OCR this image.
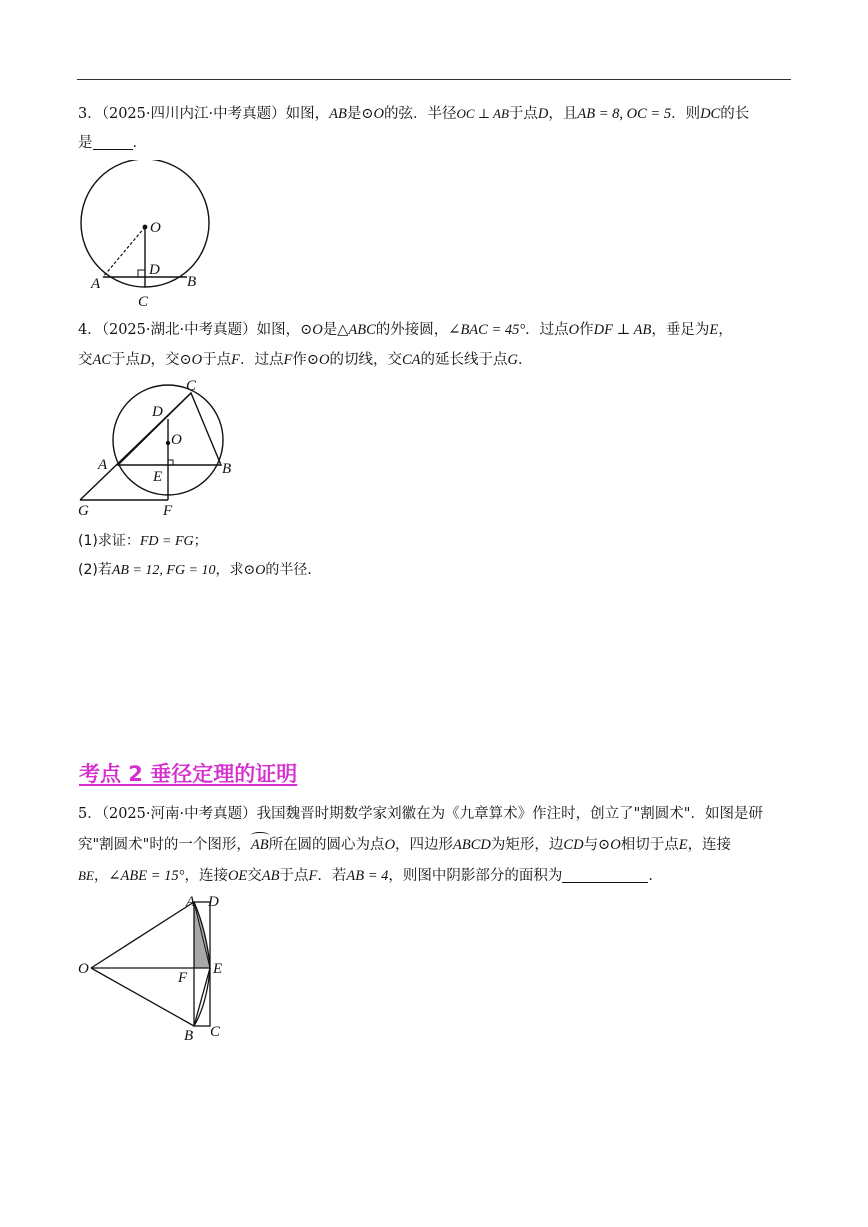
3．（2025·四川内江·中考真题）如图，AB是⊙O的弦．半径OC ⊥ AB于点D，且AB = 8, OC = 5．则DC的长
是	．
O
D
A	B
C
4．（2025·湖北·中考真题）如图，⊙O是△ABC的外接圆，∠BAC = 45°．过点O作DF ⊥ AB，垂足为E，
交AC于点D，交⊙O于点F．过点F作⊙O的切线，交CA的延长线于点G．
C
D
O
A
E	B
G	F
(1)求证：FD = FG；
(2)若AB = 12, FG = 10，求⊙O的半径．
考点 2 垂径定理的证明
5．（2025·河南·中考真题）我国魏晋时期数学家刘徽在为《九章算术》作注时，创立了"割圆术"．如图是研
究"割圆术"时的一个图形，AB所在圆的圆心为点O，四边形ABCD为矩形，边CD与⊙O相切于点E，连接
BE，∠ABE = 15°，连接OE交AB于点F．若AB = 4，则图中阴影部分的面积为	．
A D
O
F
E
B C
